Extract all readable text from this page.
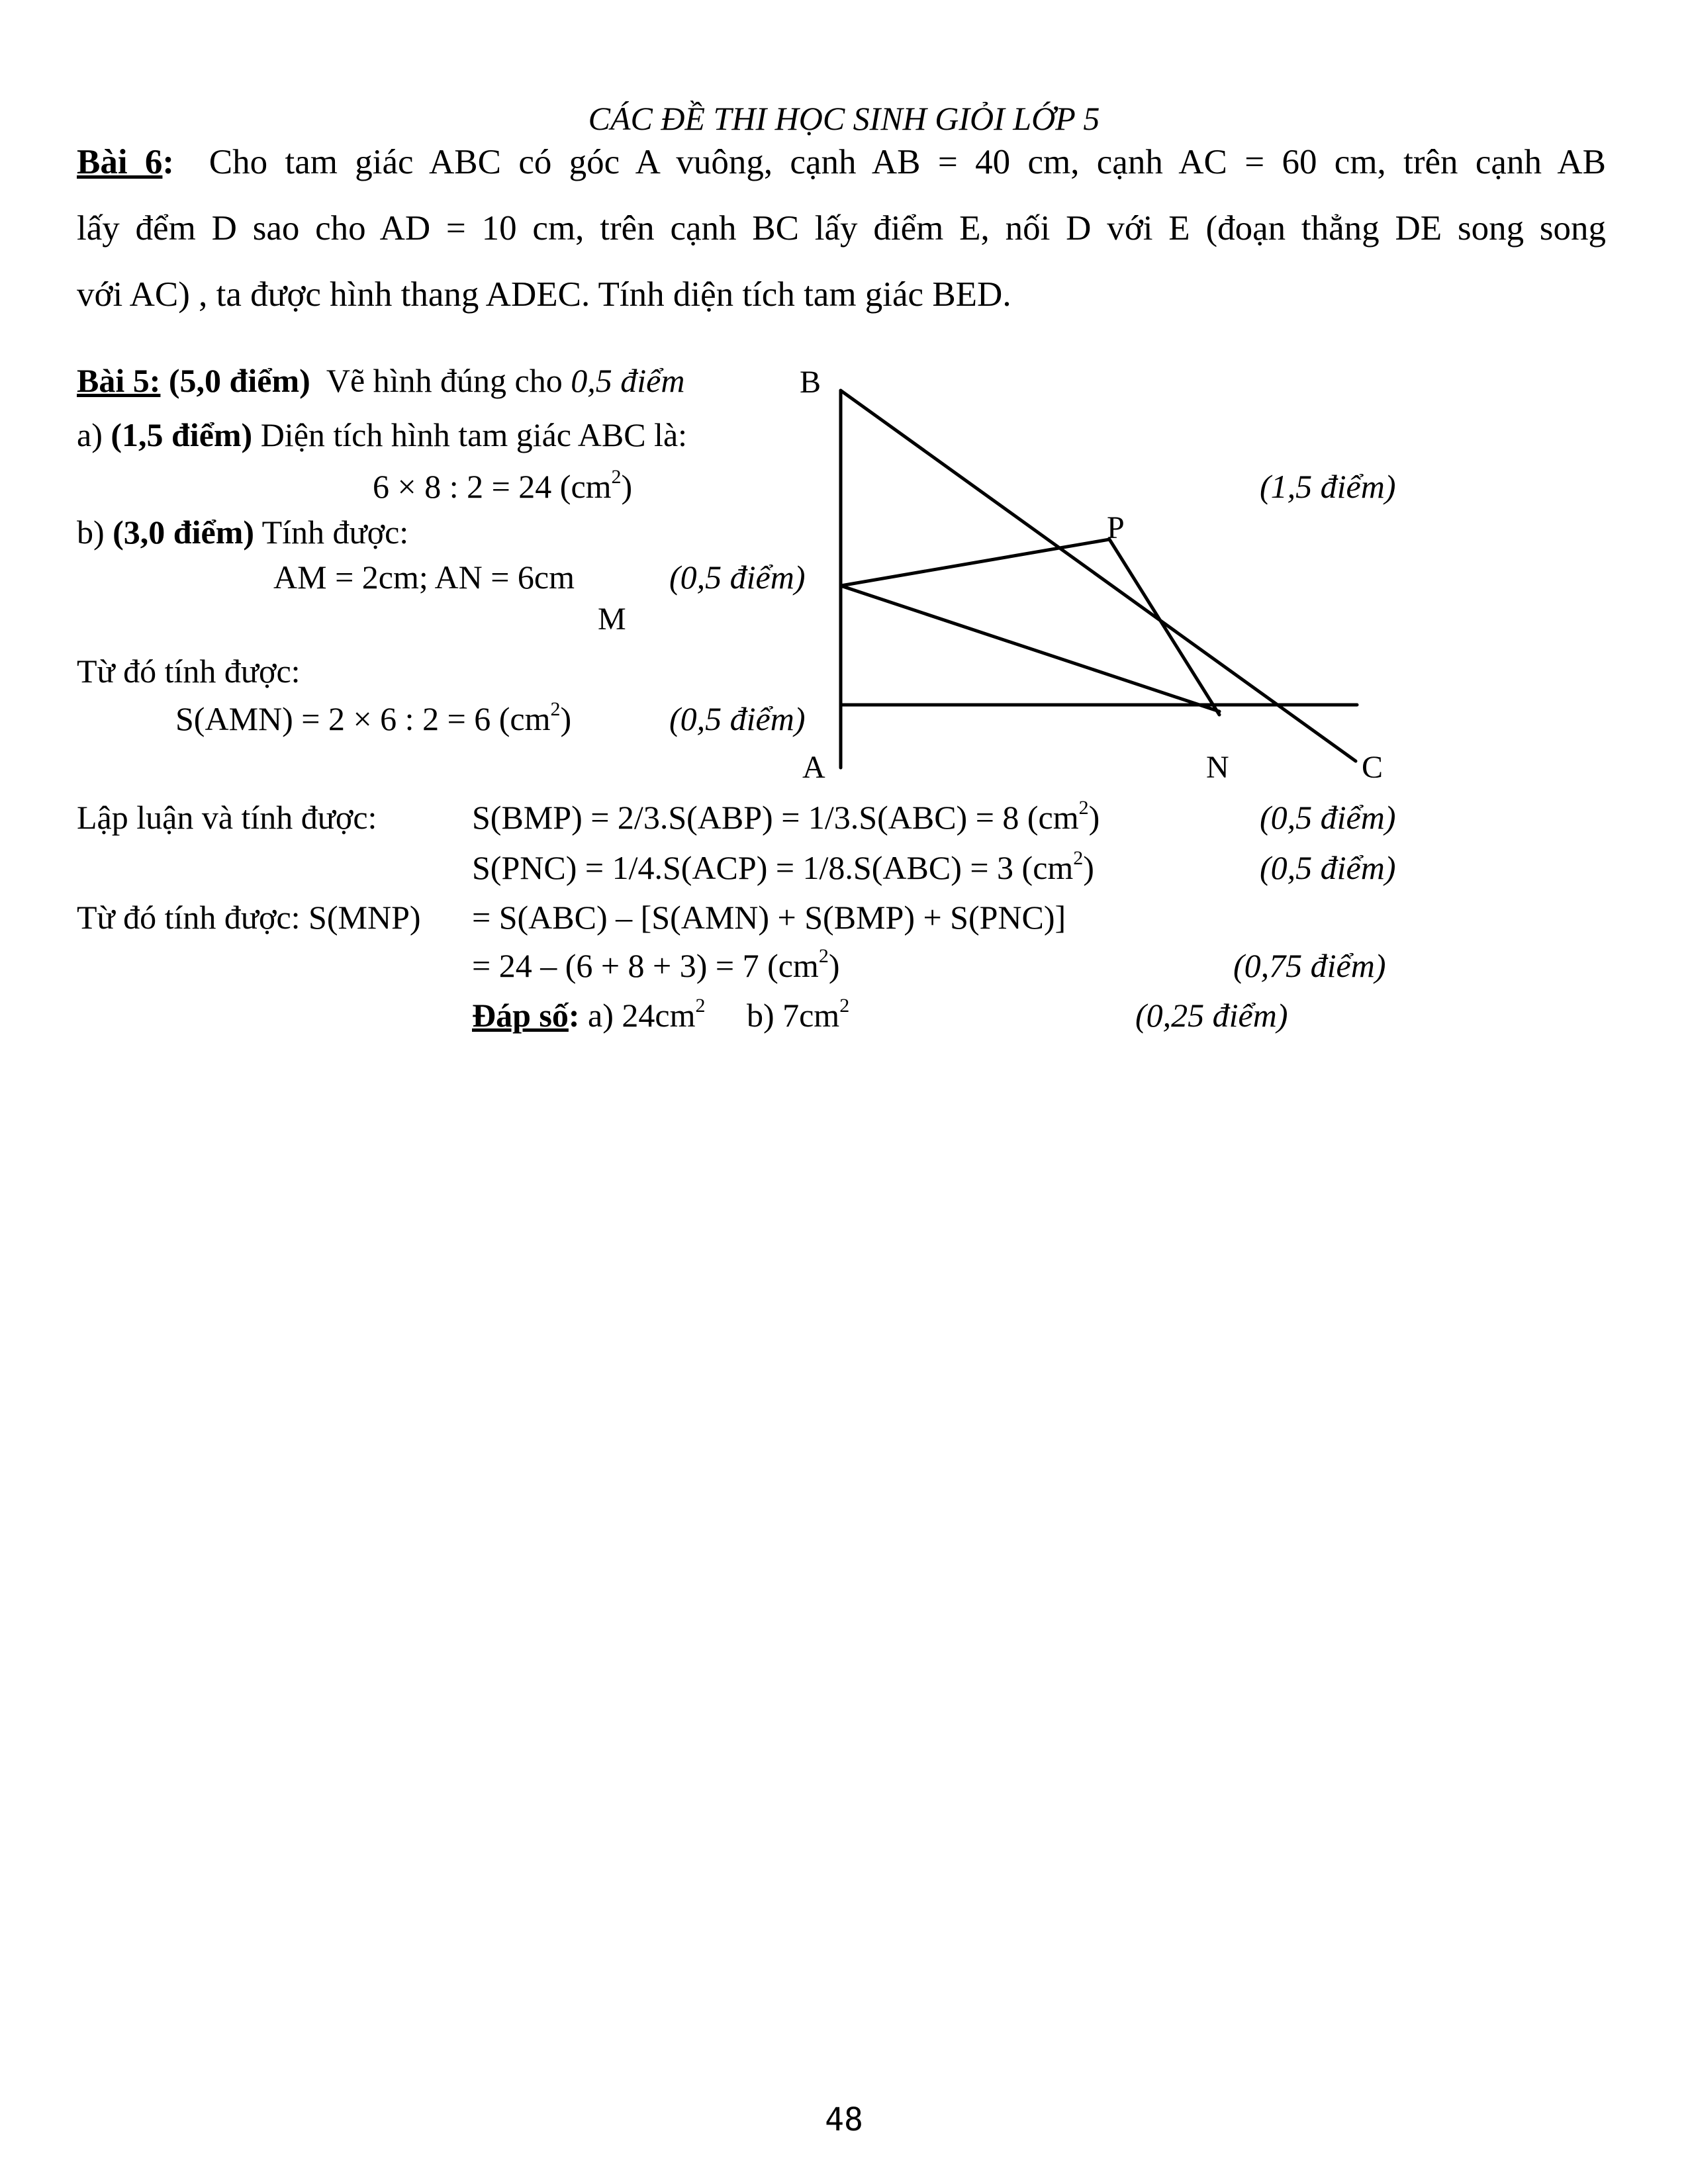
CÁC ĐỀ THI HỌC SINH GIỎI LỚP 5
Bài 6: Cho tam giác ABC có góc A vuông, cạnh AB = 40 cm, cạnh AC = 60 cm, trên cạnh AB
lấy đểm D sao cho AD = 10 cm, trên cạnh BC lấy điểm E, nối D với E (đoạn thẳng DE song song
với AC) , ta được hình thang ADEC. Tính diện tích tam giác BED.
B
P
M
A	N	C
Bài 5: (5,0 điểm) Vẽ hình đúng cho 0,5 điểm
a) (1,5 điểm) Diện tích hình tam giác ABC là:
6 × 8 : 2 = 24 $(cm^2)$	(1,5 điểm)
b) (3,0 điểm) Tính được:
AM = 2cm; AN = 6cm	(0,5 điểm)
Từ đó tính được:
S(AMN) = 2 × 6 : 2 = 6 $(cm^2)$	(0,5 điểm)
Lập luận và tính được:	S(BMP) = 2/3.S(ABP) = 1/3.S(ABC) = 8 $(cm^2)$	(0,5 điểm)
S(PNC) = 1/4.S(ACP) = 1/8.S(ABC) = 3 $(cm^2)$	(0,5 điểm)
Từ đó tính được: S(MNP) = S(ABC) – [S(AMN) + S(BMP) + S(PNC)]
= 24 – (6 + 8 + 3) = 7 $(cm^2)$	(0,75 điểm)
Đáp số: a) $24cm^2$ b) $7cm^2$	(0,25 điểm)
48
